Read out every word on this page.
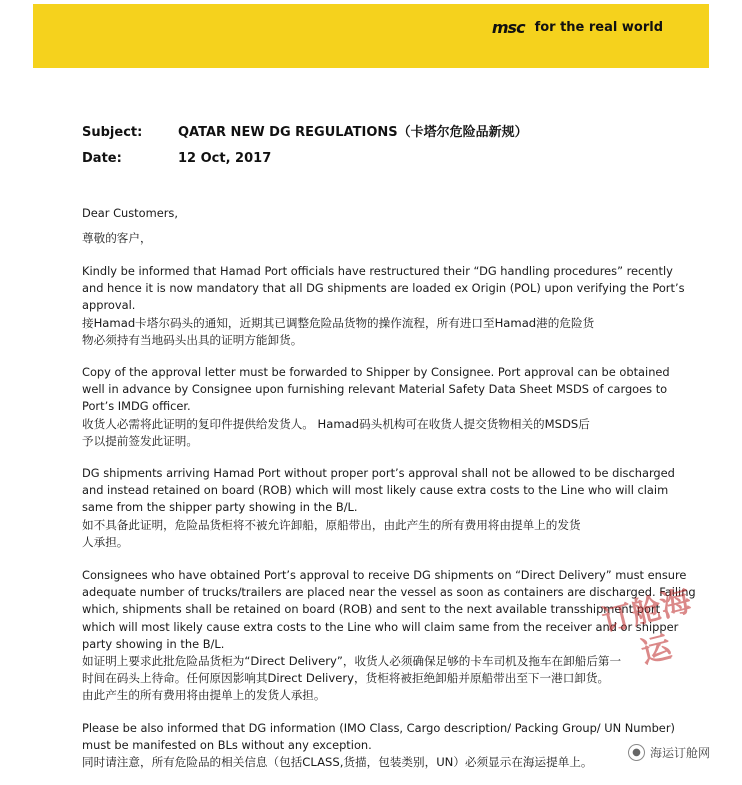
msc for the real world
Subject:	QATAR NEW DG REGULATIONS（卡塔尔危险品新规）
Date:	12 Oct, 2017
Dear Customers,
尊敬的客户，
Kindly be informed that Hamad Port officials have restructured their “DG handling procedures” recently
and hence it is now mandatory that all DG shipments are loaded ex Origin (POL) upon verifying the Port’s
approval.
接Hamad卡塔尔码头的通知，近期其已调整危险品货物的操作流程，所有进口至Hamad港的危险货
物必须持有当地码头出具的证明方能卸货。
Copy of the approval letter must be forwarded to Shipper by Consignee. Port approval can be obtained
well in advance by Consignee upon furnishing relevant Material Safety Data Sheet MSDS of cargoes to
Port’s IMDG officer.
收货人必需将此证明的复印件提供给发货人。 Hamad码头机构可在收货人提交货物相关的MSDS后
予以提前签发此证明。
DG shipments arriving Hamad Port without proper port’s approval shall not be allowed to be discharged
and instead retained on board (ROB) which will most likely cause extra costs to the Line who will claim
same from the shipper party showing in the B/L.
如不具备此证明，危险品货柜将不被允许卸船，原船带出，由此产生的所有费用将由提单上的发货
人承担。
Consignees who have obtained Port’s approval to receive DG shipments on “Direct Delivery” must ensure
adequate number of trucks/trailers are placed near the vessel as soon as containers are discharged. Failing
which, shipments shall be retained on board (ROB) and sent to the next available transshipment port
which will most likely cause extra costs to the Line who will claim same from the receiver and or shipper
party showing in the B/L.
如证明上要求此批危险品货柜为“Direct Delivery”，收货人必须确保足够的卡车司机及拖车在卸船后第一
时间在码头上待命。任何原因影响其Direct Delivery，货柜将被拒绝卸船并原船带出至下一港口卸货。
由此产生的所有费用将由提单上的发货人承担。
Please be also informed that DG information (IMO Class, Cargo description/ Packing Group/ UN Number)
must be manifested on BLs without any exception.
同时请注意，所有危险品的相关信息（包括CLASS,货描，包装类别，UN）必须显示在海运提单上。
订舱海运
● 海运订舱网
